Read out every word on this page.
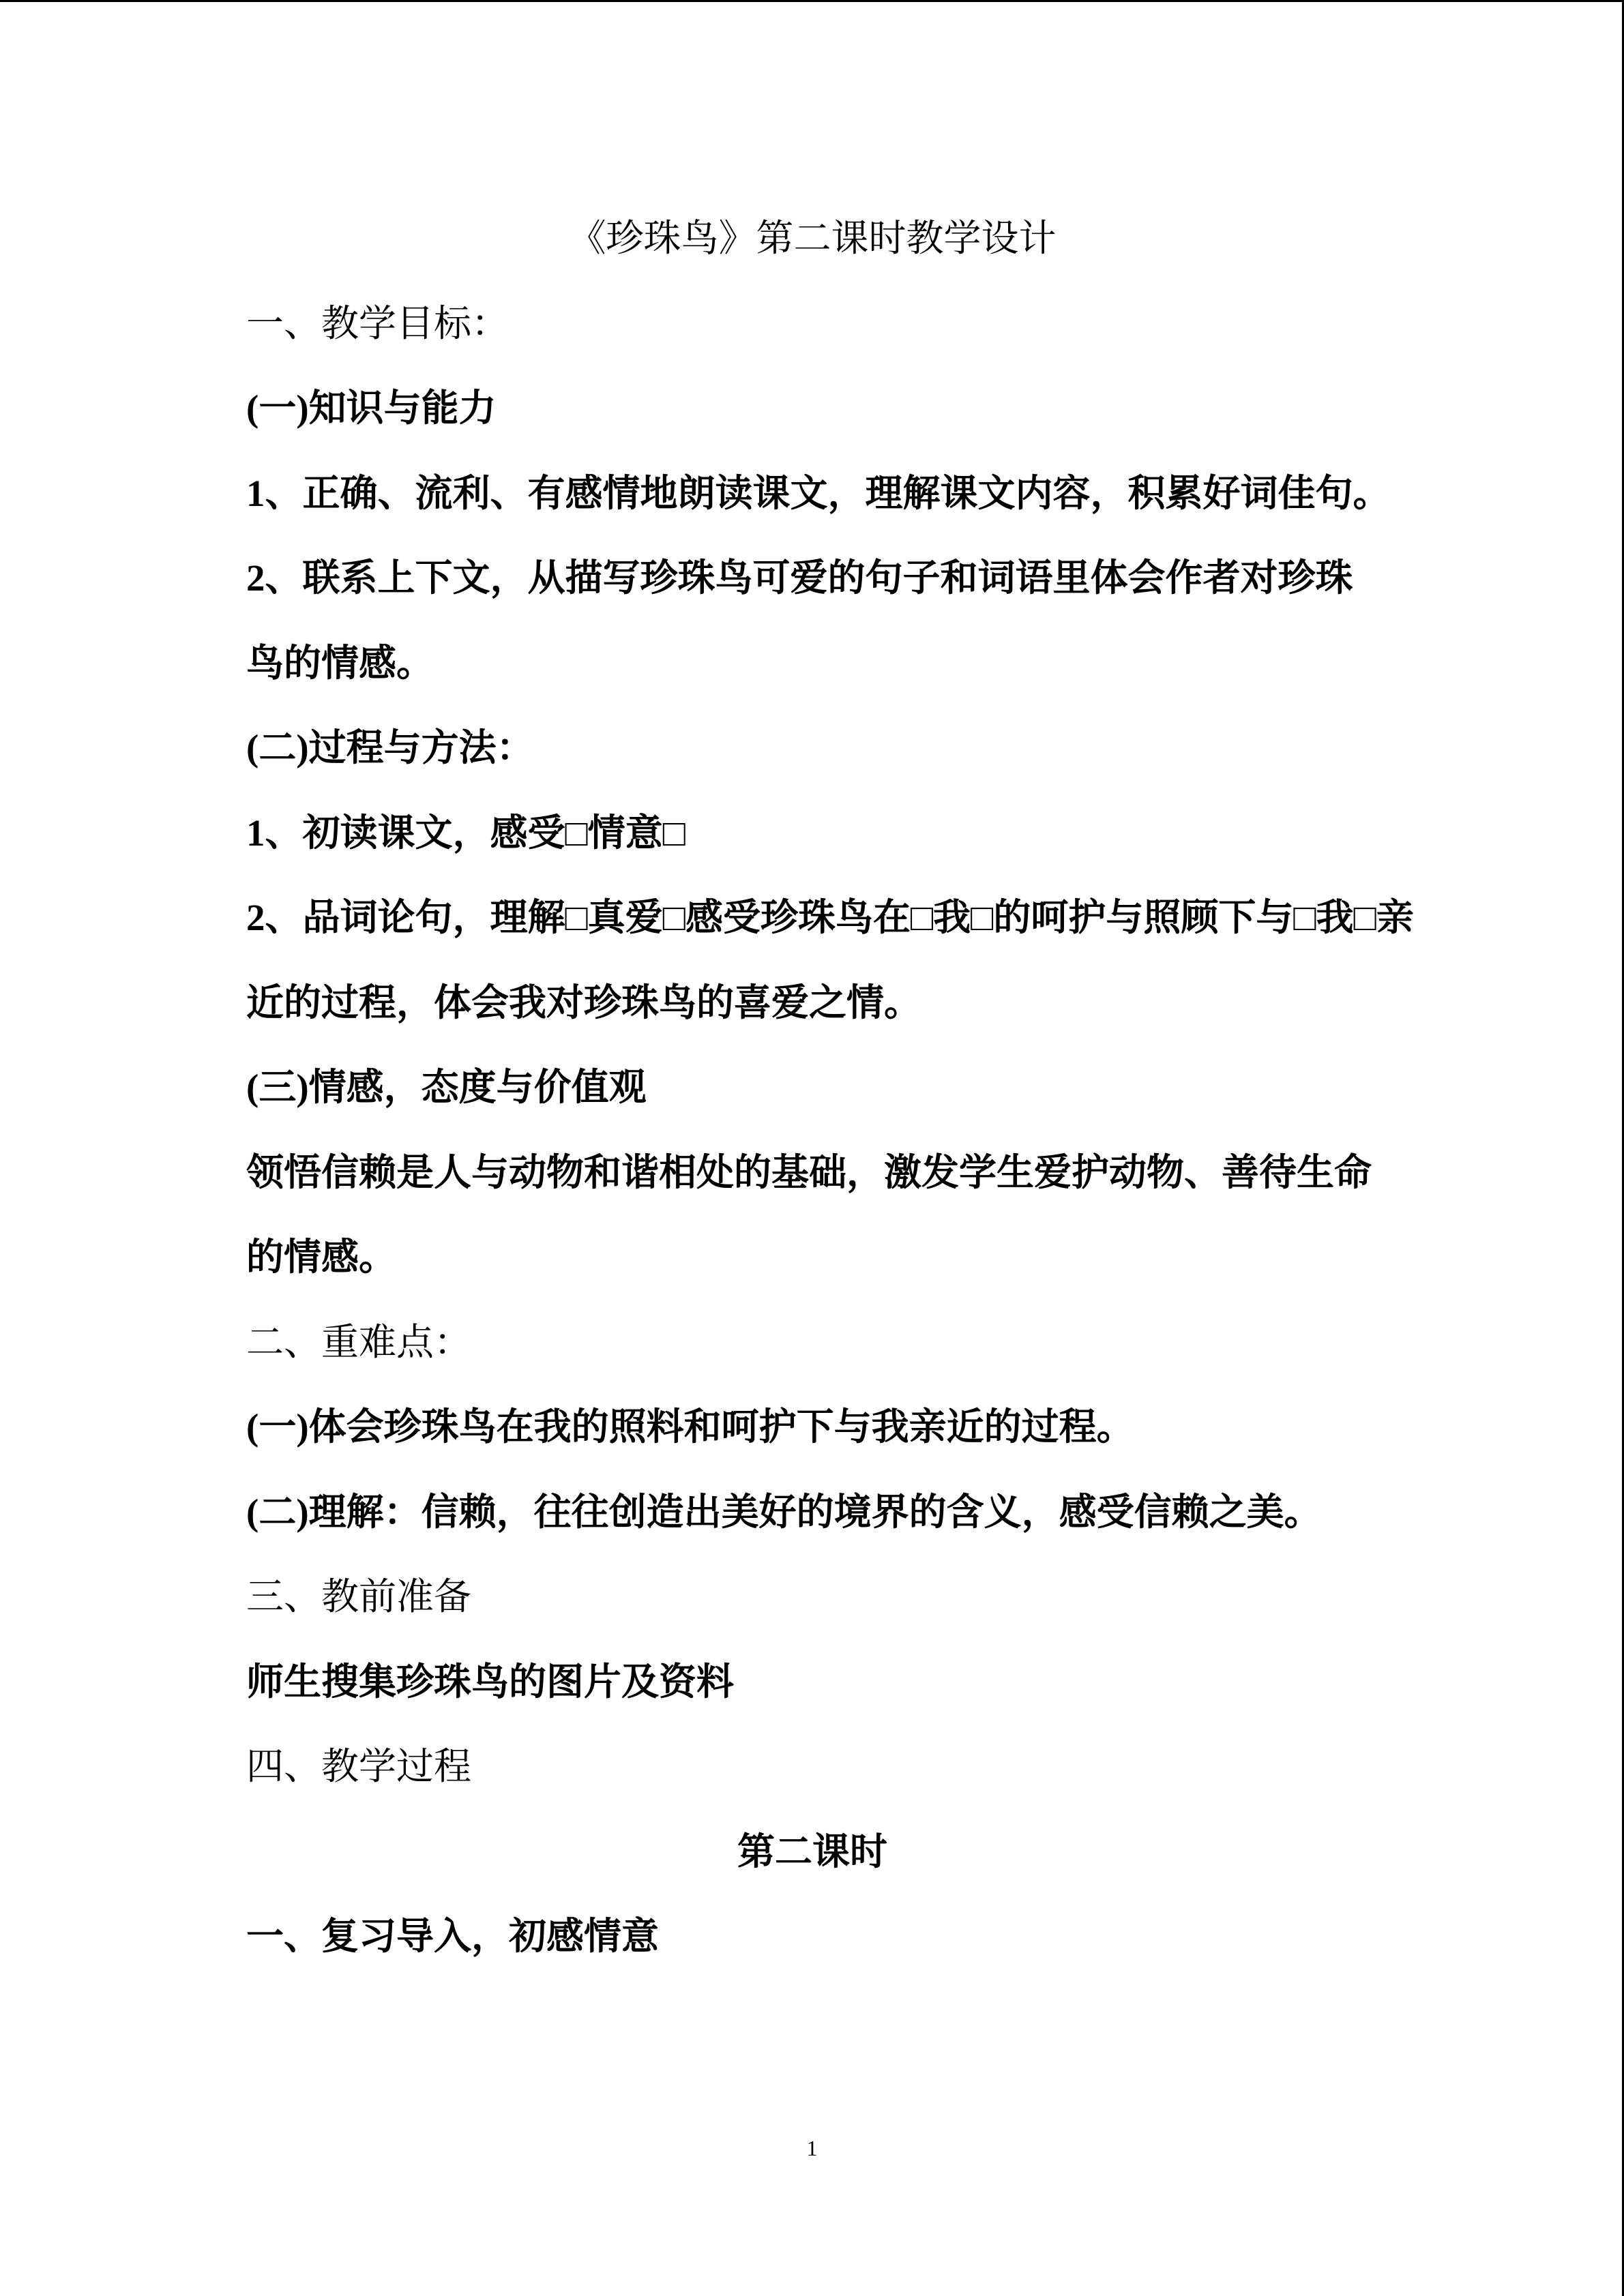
《珍珠鸟》第二课时教学设计
一、教学目标：
(一)知识与能力
1、正确、流利、有感情地朗读课文，理解课文内容，积累好词佳句。
2、联系上下文，从描写珍珠鸟可爱的句子和词语里体会作者对珍珠
鸟的情感。
(二)过程与方法：
1、初读课文，感受□情意□
2、品词论句，理解□真爱□感受珍珠鸟在□我□的呵护与照顾下与□我□亲
近的过程，体会我对珍珠鸟的喜爱之情。
(三)情感，态度与价值观
领悟信赖是人与动物和谐相处的基础，激发学生爱护动物、善待生命
的情感。
二、重难点：
(一)体会珍珠鸟在我的照料和呵护下与我亲近的过程。
(二)理解：信赖，往往创造出美好的境界的含义，感受信赖之美。
三、教前准备
师生搜集珍珠鸟的图片及资料
四、教学过程
第二课时
一、复习导入，初感情意
1
